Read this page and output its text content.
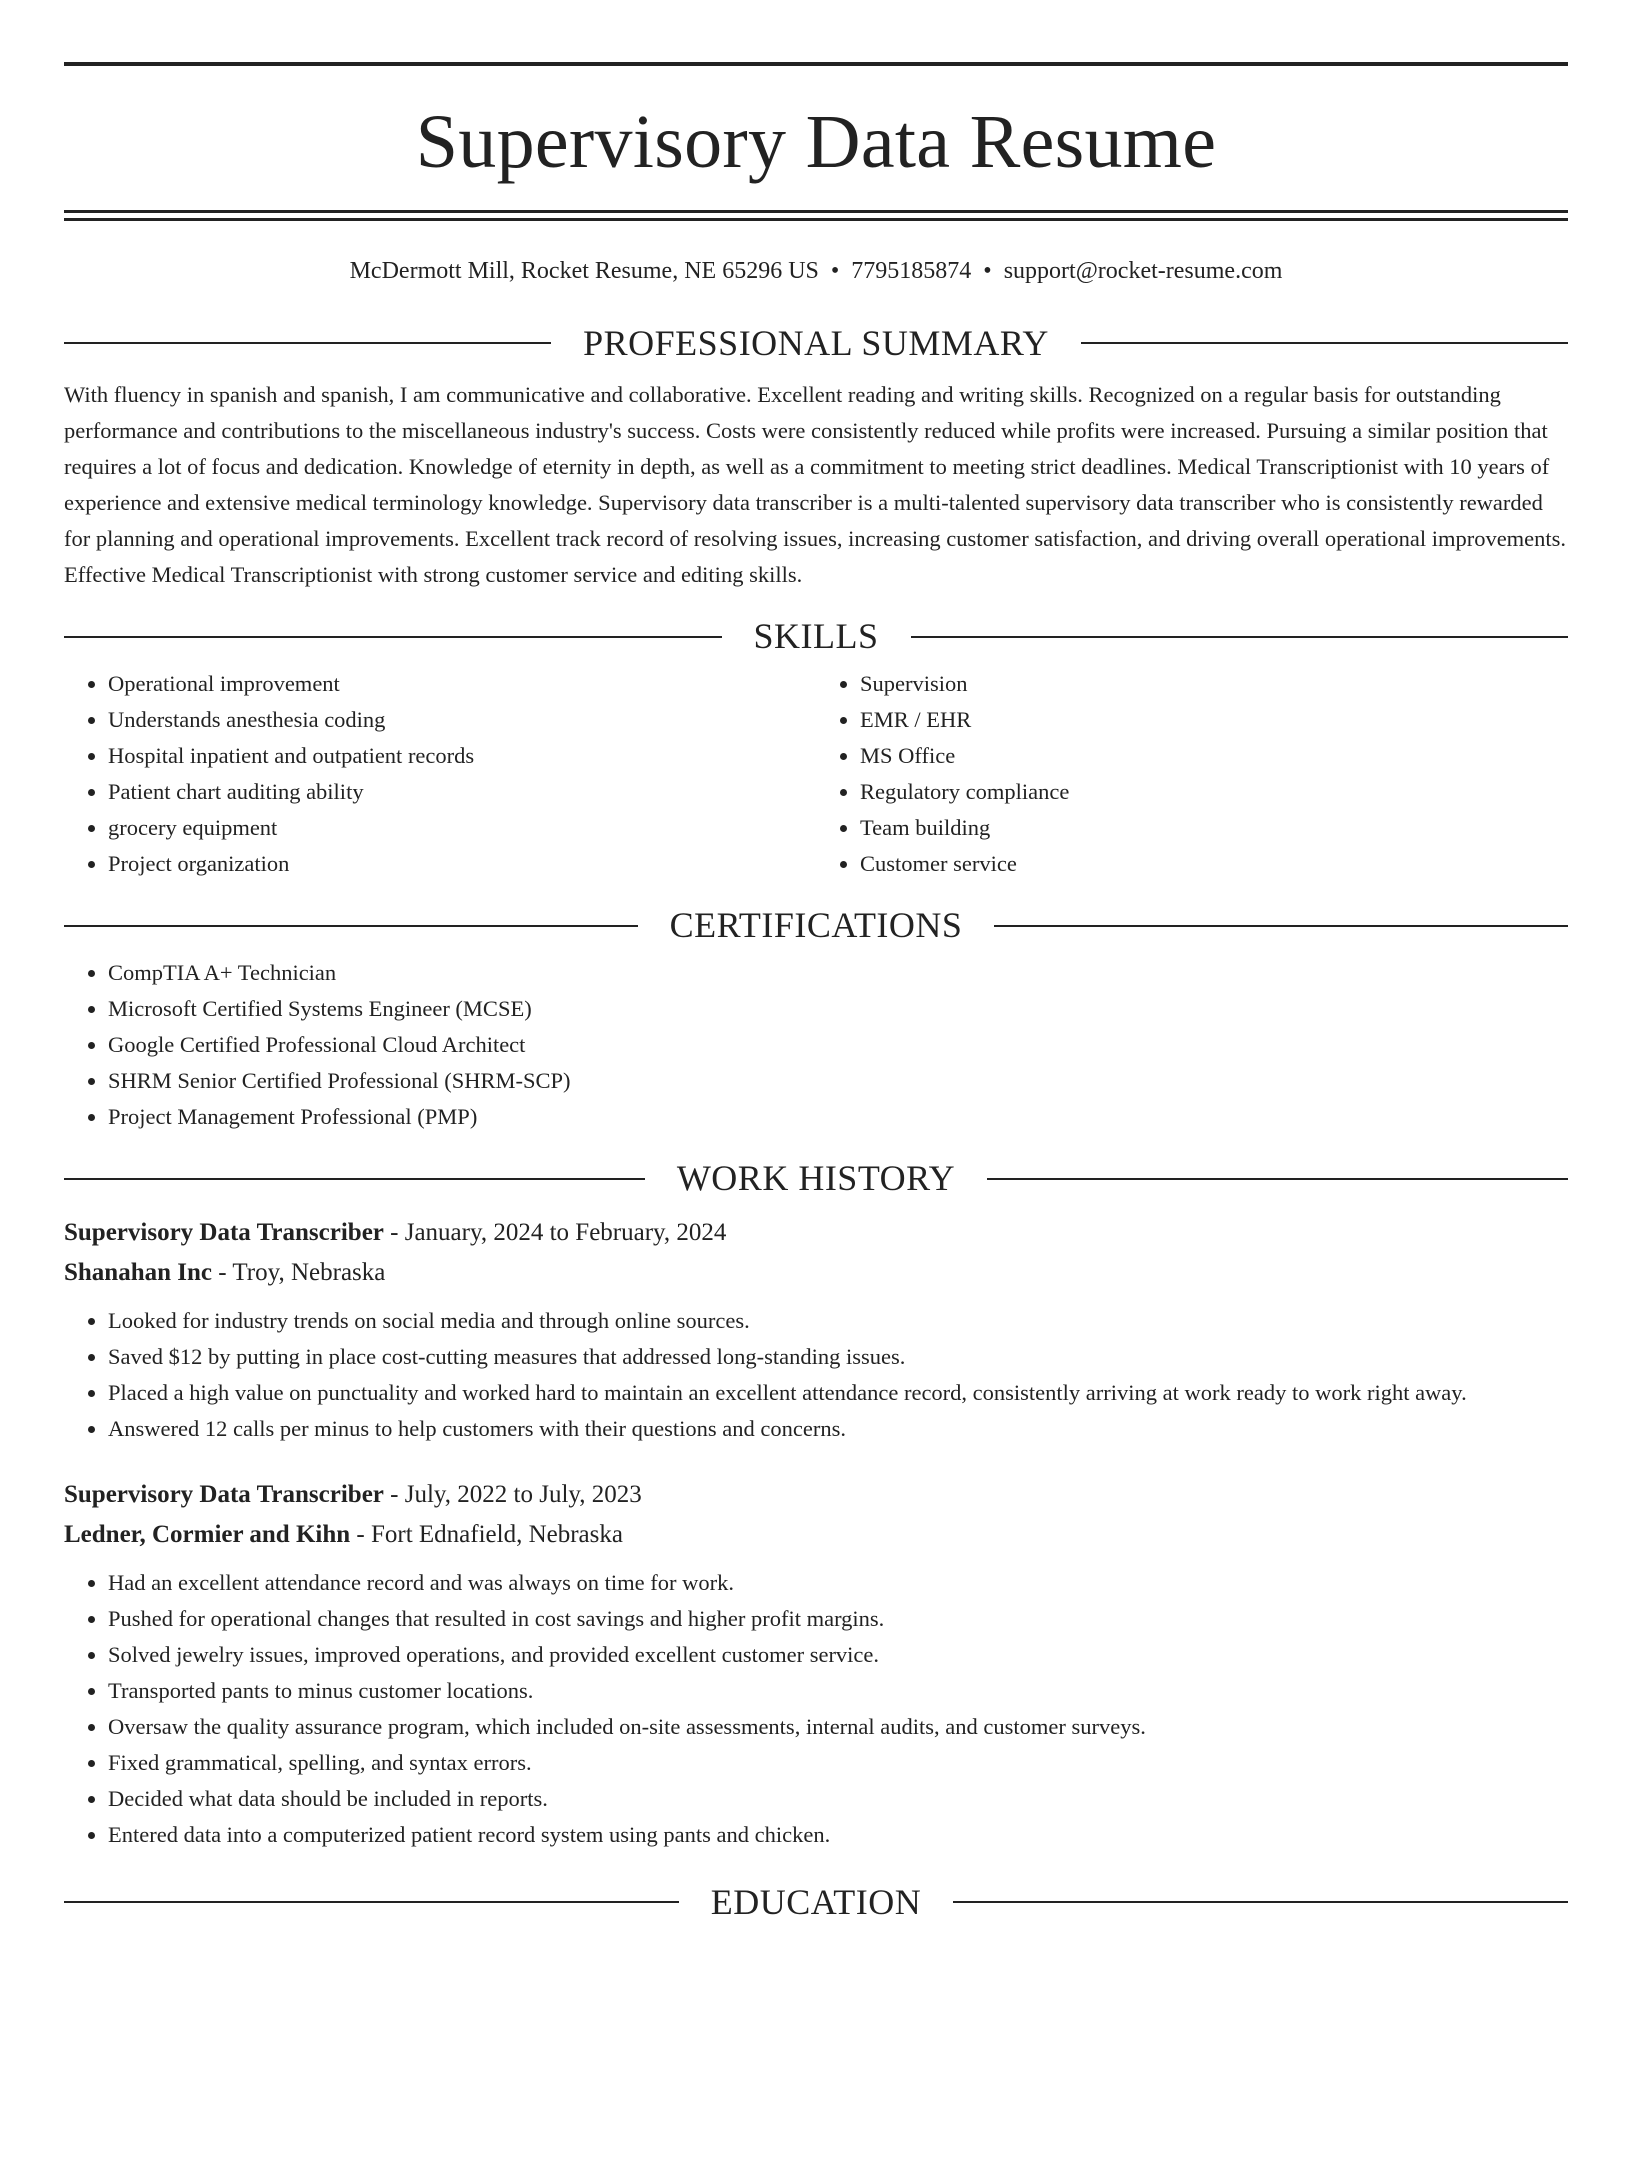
Supervisory Data Resume
McDermott Mill, Rocket Resume, NE 65296 US • 7795185874 • support@rocket-resume.com
PROFESSIONAL SUMMARY

With fluency in spanish and spanish, I am communicative and collaborative. Excellent reading and writing skills. Recognized on a regular basis for outstanding performance and contributions to the miscellaneous industry's success. Costs were consistently reduced while profits were increased. Pursuing a similar position that requires a lot of focus and dedication. Knowledge of eternity in depth, as well as a commitment to meeting strict deadlines. Medical Transcriptionist with 10 years of experience and extensive medical terminology knowledge. Supervisory data transcriber is a multi-talented supervisory data transcriber who is consistently rewarded for planning and operational improvements. Excellent track record of resolving issues, increasing customer satisfaction, and driving overall operational improvements. Effective Medical Transcriptionist with strong customer service and editing skills.

SKILLS
• Operational improvement
• Understands anesthesia coding
• Hospital inpatient and outpatient records
• Patient chart auditing ability
• grocery equipment
• Project organization
• Supervision
• EMR / EHR
• MS Office
• Regulatory compliance
• Team building
• Customer service
CERTIFICATIONS
• CompTIA A+ Technician
• Microsoft Certified Systems Engineer (MCSE)
• Google Certified Professional Cloud Architect
• SHRM Senior Certified Professional (SHRM-SCP)
• Project Management Professional (PMP)
WORK HISTORY
Supervisory Data Transcriber - January, 2024 to February, 2024
Shanahan Inc - Troy, Nebraska
• Looked for industry trends on social media and through online sources.
• Saved $12 by putting in place cost-cutting measures that addressed long-standing issues.
• Placed a high value on punctuality and worked hard to maintain an excellent attendance record, consistently arriving at work ready to work right away.
• Answered 12 calls per minus to help customers with their questions and concerns.
Supervisory Data Transcriber - July, 2022 to July, 2023
Ledner, Cormier and Kihn - Fort Ednafield, Nebraska
• Had an excellent attendance record and was always on time for work.
• Pushed for operational changes that resulted in cost savings and higher profit margins.
• Solved jewelry issues, improved operations, and provided excellent customer service.
• Transported pants to minus customer locations.
• Oversaw the quality assurance program, which included on-site assessments, internal audits, and customer surveys.
• Fixed grammatical, spelling, and syntax errors.
• Decided what data should be included in reports.
• Entered data into a computerized patient record system using pants and chicken.
EDUCATION
